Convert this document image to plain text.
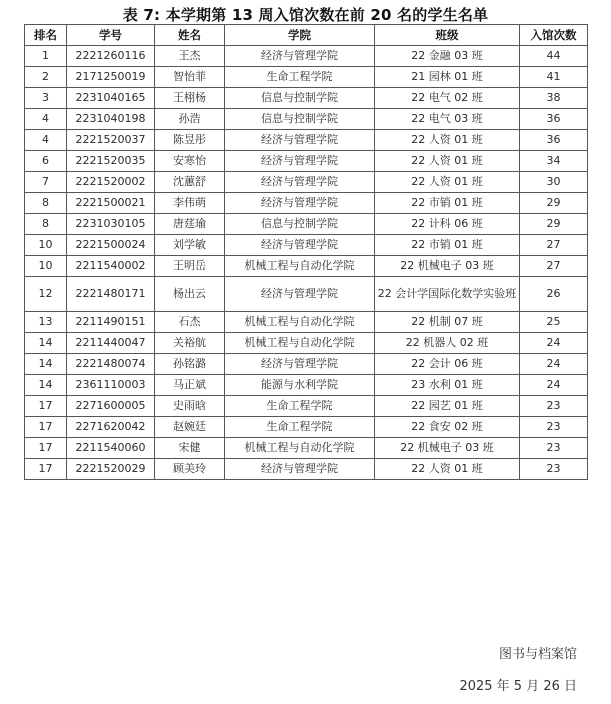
表 7: 本学期第 13 周入馆次数在前 20 名的学生名单
排名	学号	姓名	学院	班级	入馆次数
1	2221260116	王杰	经济与管理学院	22 金融 03 班	44
2	2171250019	智怡菲	生命工程学院	21 园林 01 班	41
3	2231040165	王栩杨	信息与控制学院	22 电气 02 班	38
4	2231040198	孙浩	信息与控制学院	22 电气 03 班	36
4	2221520037	陈昱彤	经济与管理学院	22 人资 01 班	36
6	2221520035	安寒怡	经济与管理学院	22 人资 01 班	34
7	2221520002	沈蕙舒	经济与管理学院	22 人资 01 班	30
8	2221500021	李伟萌	经济与管理学院	22 市销 01 班	29
8	2231030105	唐莛瑜	信息与控制学院	22 计科 06 班	29
10	2221500024	刘学敏	经济与管理学院	22 市销 01 班	27
10	2211540002	王明岳	机械工程与自动化学院	22 机械电子 03 班	27
12	2221480171	杨出云	经济与管理学院	22 会计学国际化数学实验班	26
13	2211490151	石杰	机械工程与自动化学院	22 机制 07 班	25
14	2211440047	关裕航	机械工程与自动化学院	22 机器人 02 班	24
14	2221480074	孙铭潞	经济与管理学院	22 会计 06 班	24
14	2361110003	马正斌	能源与水利学院	23 水利 01 班	24
17	2271600005	史雨晗	生命工程学院	22 园艺 01 班	23
17	2271620042	赵婉廷	生命工程学院	22 食安 02 班	23
17	2211540060	宋健	机械工程与自动化学院	22 机械电子 03 班	23
17	2221520029	顾美玲	经济与管理学院	22 人资 01 班	23
图书与档案馆
2025 年 5 月 26 日
